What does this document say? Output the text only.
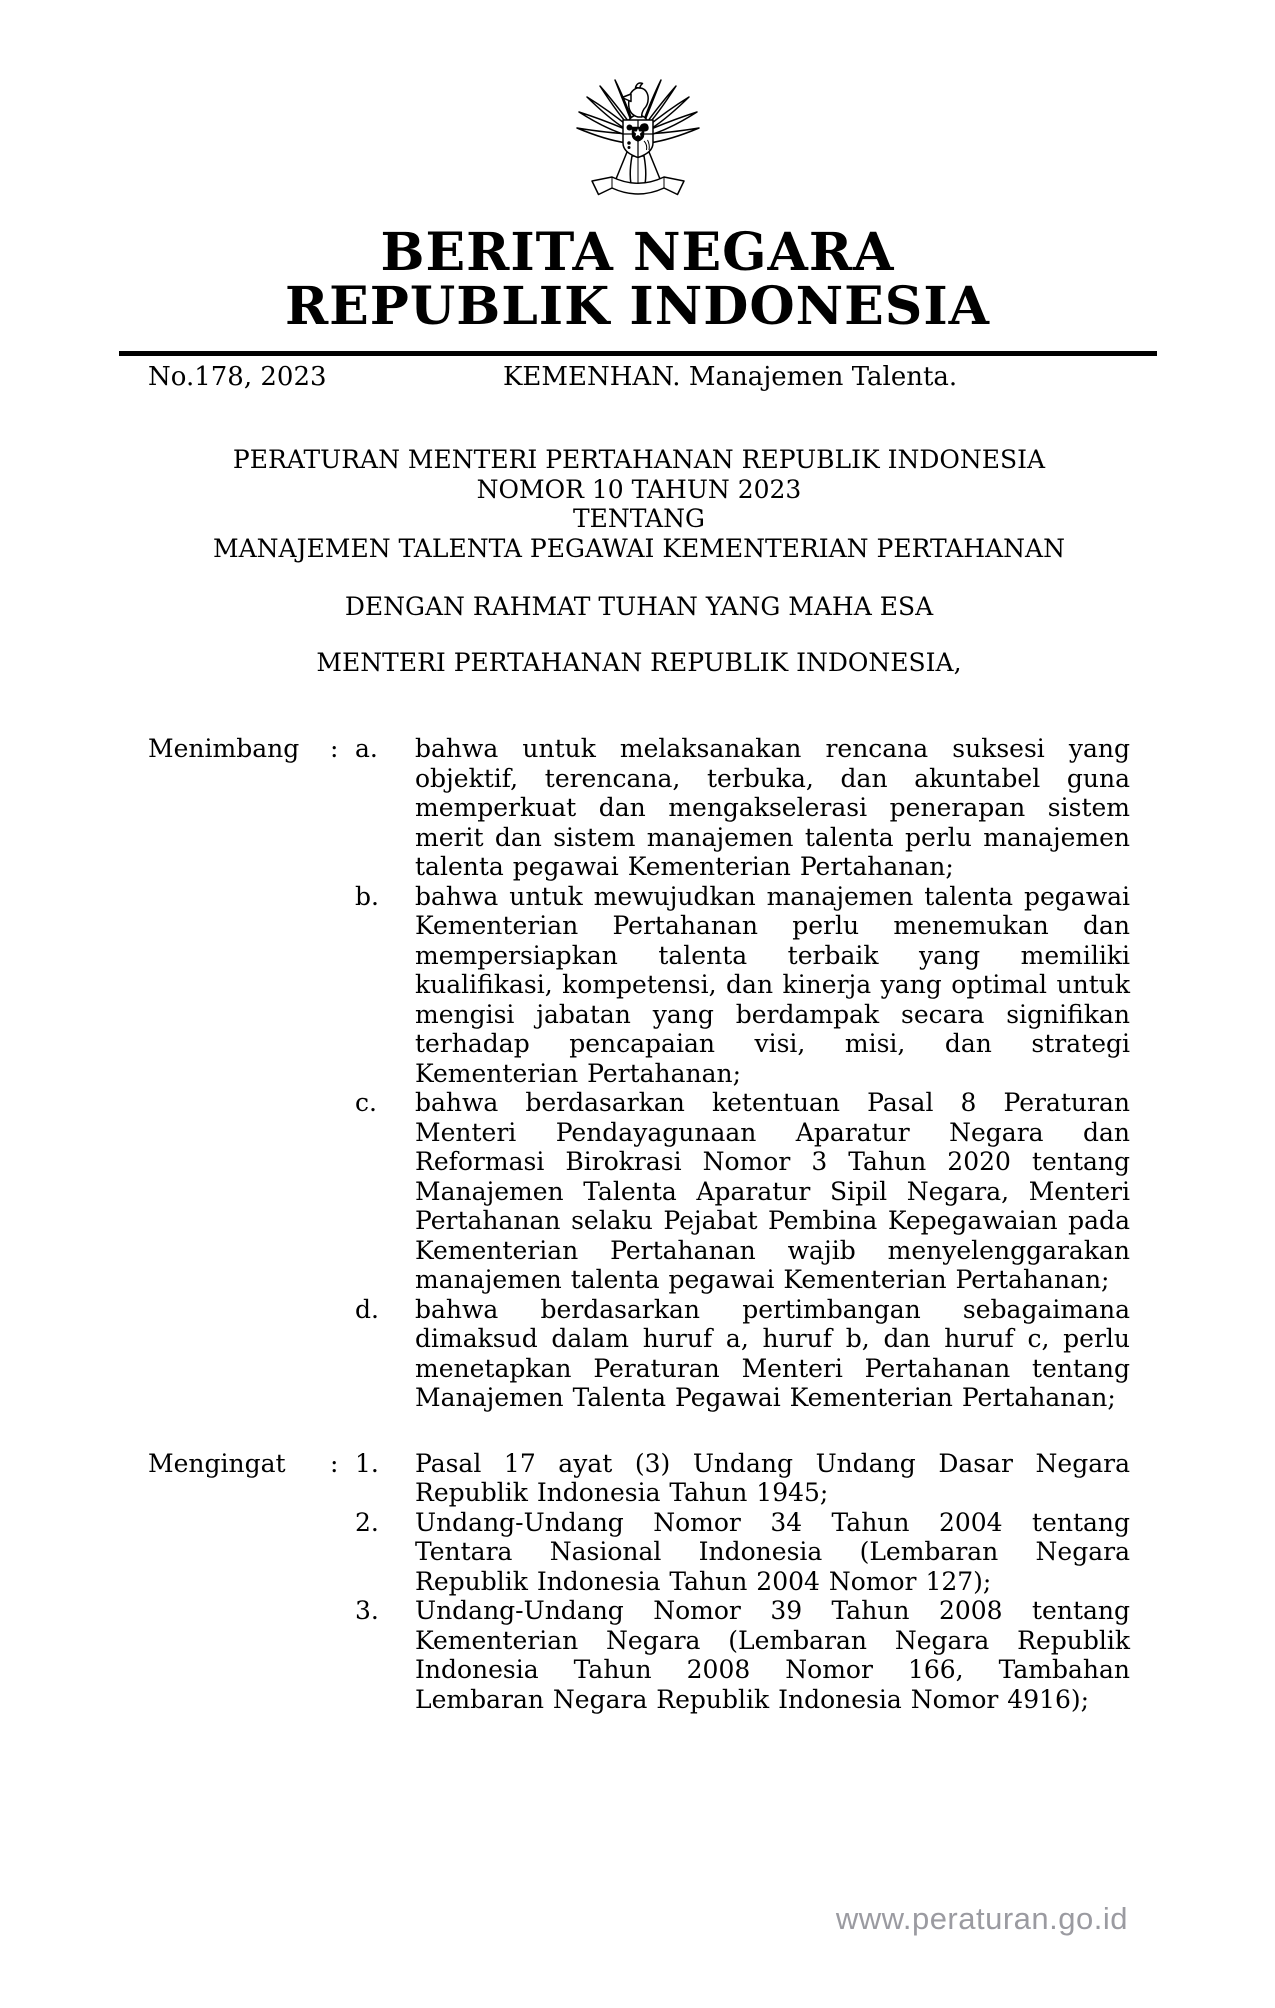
BERITA NEGARA
REPUBLIK INDONESIA
No.178, 2023	KEMENHAN. Manajemen Talenta.
PERATURAN MENTERI PERTAHANAN REPUBLIK INDONESIA
NOMOR 10 TAHUN 2023
TENTANG
MANAJEMEN TALENTA PEGAWAI KEMENTERIAN PERTAHANAN
DENGAN RAHMAT TUHAN YANG MAHA ESA
MENTERI PERTAHANAN REPUBLIK INDONESIA,
Menimbang	: a.	bahwa untuk melaksanakan rencana suksesi yang objektif, terencana, terbuka, dan akuntabel guna memperkuat dan mengakselerasi penerapan sistem merit dan sistem manajemen talenta perlu manajemen talenta pegawai Kementerian Pertahanan;
b.	bahwa untuk mewujudkan manajemen talenta pegawai Kementerian Pertahanan perlu menemukan dan mempersiapkan talenta terbaik yang memiliki kualifikasi, kompetensi, dan kinerja yang optimal untuk mengisi jabatan yang berdampak secara signifikan terhadap pencapaian visi, misi, dan strategi Kementerian Pertahanan;
c.	bahwa berdasarkan ketentuan Pasal 8 Peraturan Menteri Pendayagunaan Aparatur Negara dan Reformasi Birokrasi Nomor 3 Tahun 2020 tentang Manajemen Talenta Aparatur Sipil Negara, Menteri Pertahanan selaku Pejabat Pembina Kepegawaian pada Kementerian Pertahanan wajib menyelenggarakan manajemen talenta pegawai Kementerian Pertahanan;
d.	bahwa berdasarkan pertimbangan sebagaimana dimaksud dalam huruf a, huruf b, dan huruf c, perlu menetapkan Peraturan Menteri Pertahanan tentang Manajemen Talenta Pegawai Kementerian Pertahanan;
Mengingat	: 1.	Pasal 17 ayat (3) Undang Undang Dasar Negara Republik Indonesia Tahun 1945;
2.	Undang-Undang Nomor 34 Tahun 2004 tentang Tentara Nasional Indonesia (Lembaran Negara Republik Indonesia Tahun 2004 Nomor 127);
3.	Undang-Undang Nomor 39 Tahun 2008 tentang Kementerian Negara (Lembaran Negara Republik Indonesia Tahun 2008 Nomor 166, Tambahan Lembaran Negara Republik Indonesia Nomor 4916);
www.peraturan.go.id
